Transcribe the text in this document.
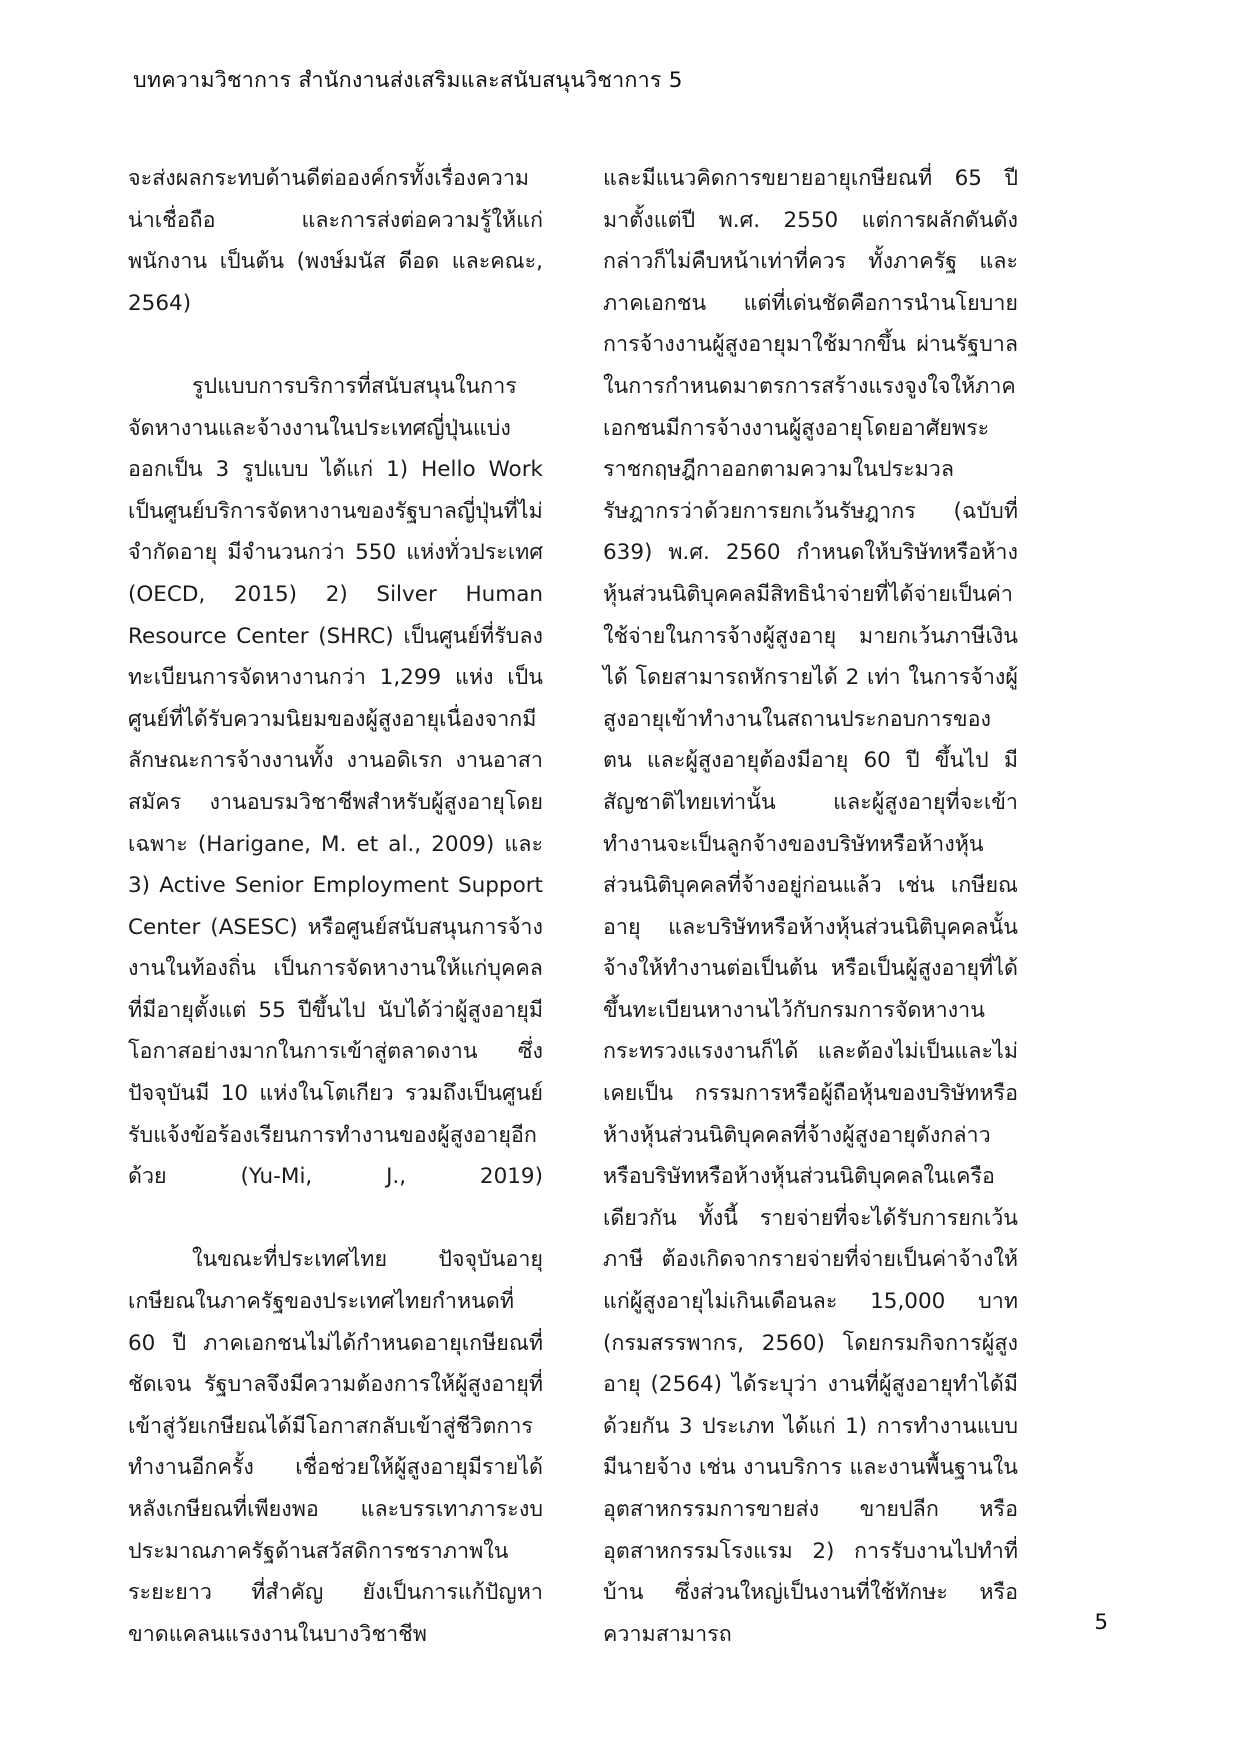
บทความวิชาการ สำนักงานส่งเสริมและสนับสนุนวิชาการ 5

จะส่งผลกระทบด้านดีต่อองค์กรทั้งเรื่องความน่าเชื่อถือ และการส่งต่อความรู้ให้แก่พนักงาน เป็นต้น (พงษ์มนัส ดีอด และคณะ, 2564)

รูปแบบการบริการที่สนับสนุนในการจัดหางานและจ้างงานในประเทศญี่ปุ่นแบ่งออกเป็น 3 รูปแบบ ได้แก่ 1) Hello Work เป็นศูนย์บริการจัดหางานของรัฐบาลญี่ปุ่นที่ไม่จำกัดอายุ มีจำนวนกว่า 550 แห่งทั่วประเทศ (OECD, 2015) 2) Silver Human Resource Center (SHRC) เป็นศูนย์ที่รับลงทะเบียนการจัดหางานกว่า 1,299 แห่ง เป็นศูนย์ที่ได้รับความนิยมของผู้สูงอายุเนื่องจากมีลักษณะการจ้างงานทั้ง งานอดิเรก งานอาสาสมัคร งานอบรมวิชาชีพสำหรับผู้สูงอายุโดยเฉพาะ (Harigane, M. et al., 2009) และ 3) Active Senior Employment Support Center (ASESC) หรือศูนย์สนับสนุนการจ้างงานในท้องถิ่น เป็นการจัดหางานให้แก่บุคคลที่มีอายุตั้งแต่ 55 ปีขึ้นไป นับได้ว่าผู้สูงอายุมีโอกาสอย่างมากในการเข้าสู่ตลาดงาน ซึ่งปัจจุบันมี 10 แห่งในโตเกียว รวมถึงเป็นศูนย์รับแจ้งข้อร้องเรียนการทำงานของผู้สูงอายุอีกด้วย (Yu-Mi, J., 2019)

ในขณะที่ประเทศไทย ปัจจุบันอายุเกษียณในภาครัฐของประเทศไทยกำหนดที่ 60 ปี ภาคเอกชนไม่ได้กำหนดอายุเกษียณที่ชัดเจน รัฐบาลจึงมีความต้องการให้ผู้สูงอายุที่เข้าสู่วัยเกษียณได้มีโอกาสกลับเข้าสู่ชีวิตการทำงานอีกครั้ง เชื่อช่วยให้ผู้สูงอายุมีรายได้หลังเกษียณที่เพียงพอ และบรรเทาภาระงบประมาณภาครัฐด้านสวัสดิการชราภาพในระยะยาว ที่สำคัญ ยังเป็นการแก้ปัญหาขาดแคลนแรงงานในบางวิชาชีพ

และมีแนวคิดการขยายอายุเกษียณที่ 65 ปี มาตั้งแต่ปี พ.ศ. 2550 แต่การผลักดันดังกล่าวก็ไม่คืบหน้าเท่าที่ควร ทั้งภาครัฐ และภาคเอกชน แต่ที่เด่นชัดคือการนำนโยบายการจ้างงานผู้สูงอายุมาใช้มากขึ้น ผ่านรัฐบาลในการกำหนดมาตรการสร้างแรงจูงใจให้ภาคเอกชนมีการจ้างงานผู้สูงอายุโดยอาศัยพระราชกฤษฎีกาออกตามความในประมวลรัษฎากรว่าด้วยการยกเว้นรัษฎากร (ฉบับที่ 639) พ.ศ. 2560 กำหนดให้บริษัทหรือห้างหุ้นส่วนนิติบุคคลมีสิทธินำจ่ายที่ได้จ่ายเป็นค่าใช้จ่ายในการจ้างผู้สูงอายุ มายกเว้นภาษีเงินได้ โดยสามารถหักรายได้ 2 เท่า ในการจ้างผู้สูงอายุเข้าทำงานในสถานประกอบการของตน และผู้สูงอายุต้องมีอายุ 60 ปี ขึ้นไป มีสัญชาติไทยเท่านั้น และผู้สูงอายุที่จะเข้าทำงานจะเป็นลูกจ้างของบริษัทหรือห้างหุ้นส่วนนิติบุคคลที่จ้างอยู่ก่อนแล้ว เช่น เกษียณอายุ และบริษัทหรือห้างหุ้นส่วนนิติบุคคลนั้นจ้างให้ทำงานต่อเป็นต้น หรือเป็นผู้สูงอายุที่ได้ขึ้นทะเบียนหางานไว้กับกรมการจัดหางาน กระทรวงแรงงานก็ได้ และต้องไม่เป็นและไม่เคยเป็น กรรมการหรือผู้ถือหุ้นของบริษัทหรือห้างหุ้นส่วนนิติบุคคลที่จ้างผู้สูงอายุดังกล่าว หรือบริษัทหรือห้างหุ้นส่วนนิติบุคคลในเครือเดียวกัน ทั้งนี้ รายจ่ายที่จะได้รับการยกเว้นภาษี ต้องเกิดจากรายจ่ายที่จ่ายเป็นค่าจ้างให้แก่ผู้สูงอายุไม่เกินเดือนละ 15,000 บาท (กรมสรรพากร, 2560) โดยกรมกิจการผู้สูงอายุ (2564) ได้ระบุว่า งานที่ผู้สูงอายุทำได้มีด้วยกัน 3 ประเภท ได้แก่ 1) การทำงานแบบมีนายจ้าง เช่น งานบริการ และงานพื้นฐานในอุตสาหกรรมการขายส่ง ขายปลีก หรืออุตสาหกรรมโรงแรม 2) การรับงานไปทำที่บ้าน ซึ่งส่วนใหญ่เป็นงานที่ใช้ทักษะ หรือความสามารถ	5
